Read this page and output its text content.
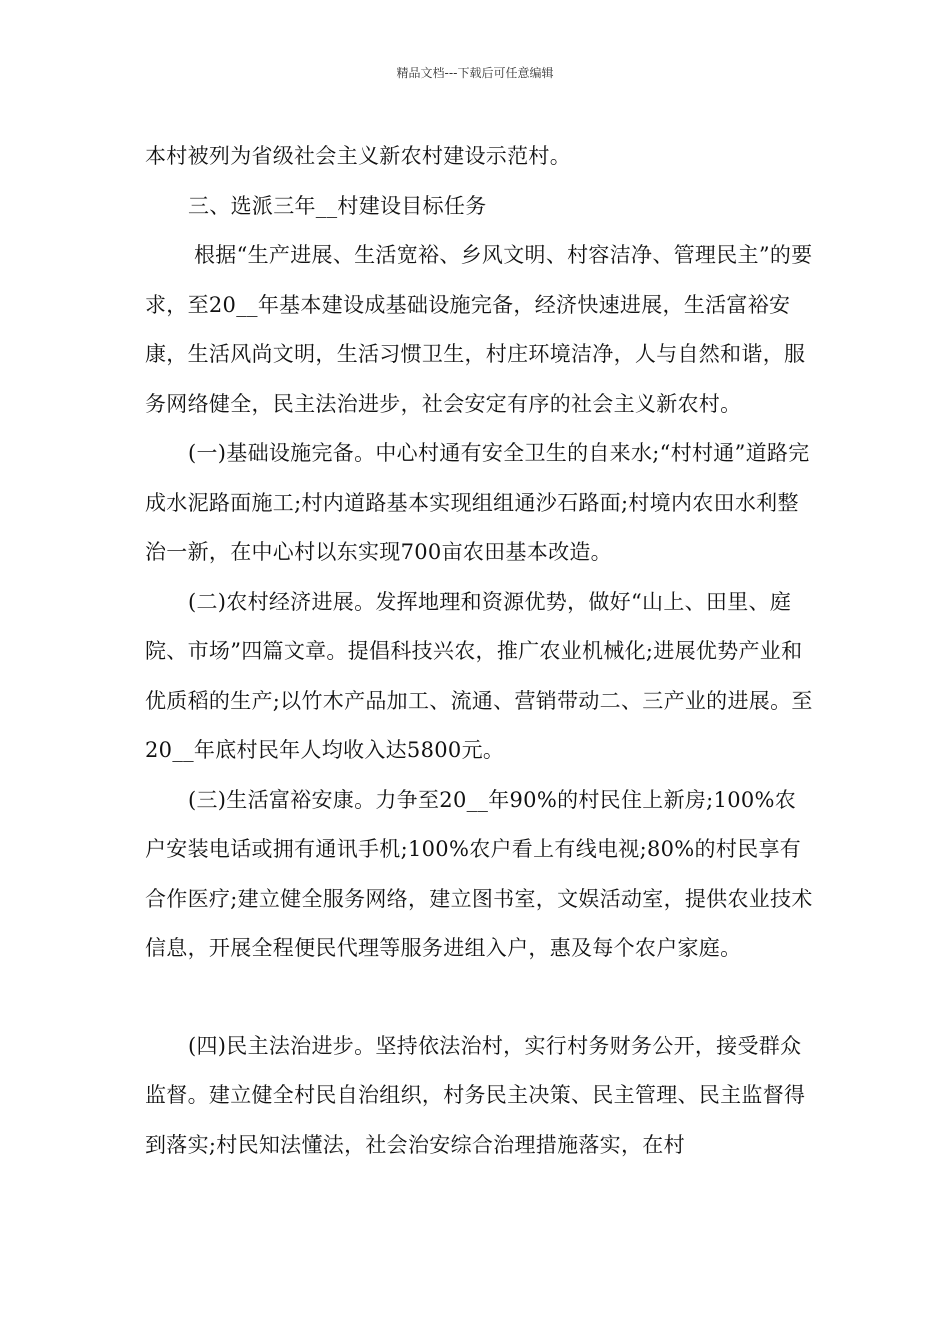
精品文档---下载后可任意编辑

本村被列为省级社会主义新农村建设示范村。

三、选派三年__村建设目标任务

根据“生产进展、生活宽裕、乡风文明、村容洁净、管理民主”的要求，至20__年基本建设成基础设施完备，经济快速进展，生活富裕安康，生活风尚文明，生活习惯卫生，村庄环境洁净，人与自然和谐，服务网络健全，民主法治进步，社会安定有序的社会主义新农村。

(一)基础设施完备。中心村通有安全卫生的自来水;“村村通”道路完成水泥路面施工;村内道路基本实现组组通沙石路面;村境内农田水利整治一新，在中心村以东实现700亩农田基本改造。

(二)农村经济进展。发挥地理和资源优势，做好“山上、田里、庭院、市场”四篇文章。提倡科技兴农，推广农业机械化;进展优势产业和优质稻的生产;以竹木产品加工、流通、营销带动二、三产业的进展。至20__年底村民年人均收入达5800元。

(三)生活富裕安康。力争至20__年90%的村民住上新房;100%农户安装电话或拥有通讯手机;100%农户看上有线电视;80%的村民享有合作医疗;建立健全服务网络，建立图书室，文娱活动室，提供农业技术信息，开展全程便民代理等服务进组入户，惠及每个农户家庭。

(四)民主法治进步。坚持依法治村，实行村务财务公开，接受群众监督。建立健全村民自治组织，村务民主决策、民主管理、民主监督得到落实;村民知法懂法，社会治安综合治理措施落实，在村
